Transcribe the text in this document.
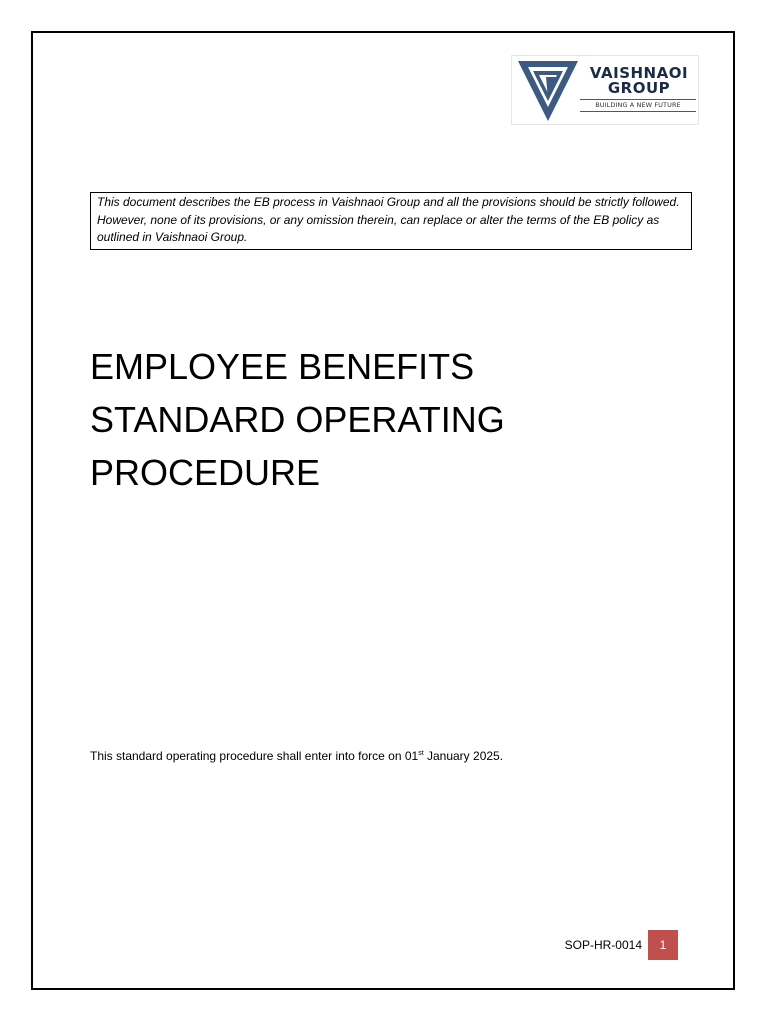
VAISHNAOI
GROUP
BUILDING A NEW FUTURE
This document describes the EB process in Vaishnaoi Group and all the provisions should be strictly followed. However, none of its provisions, or any omission therein, can replace or alter the terms of the EB policy as outlined in Vaishnaoi Group.
EMPLOYEE BENEFITS
STANDARD OPERATING
PROCEDURE
This standard operating procedure shall enter into force on 01st January 2025.
SOP-HR-0014	1
